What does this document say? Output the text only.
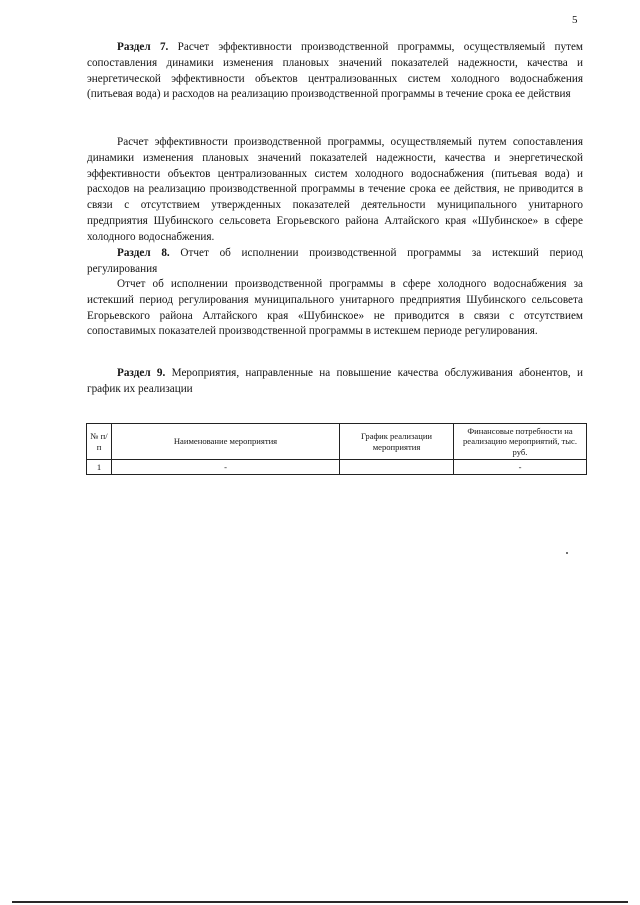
5

Раздел 7. Расчет эффективности производственной программы, осуществляемый путем сопоставления динамики изменения плановых значений показателей надежности, качества и энергетической эффективности объектов централизованных систем холодного водоснабжения (питьевая вода) и расходов на реализацию производственной программы в течение срока ее действия

Расчет эффективности производственной программы, осуществляемый путем сопоставления динамики изменения плановых значений показателей надежности, качества и энергетической эффективности объектов централизованных систем холодного водоснабжения (питьевая вода) и расходов на реализацию производственной программы в течение срока ее действия, не приводится в связи с отсутствием утвержденных показателей деятельности муниципального унитарного предприятия Шубинского сельсовета Егорьевского района Алтайского края «Шубинское» в сфере холодного водоснабжения.

Раздел 8. Отчет об исполнении производственной программы за истекший период регулирования

Отчет об исполнении производственной программы в сфере холодного водоснабжения за истекший период регулирования муниципального унитарного предприятия Шубинского сельсовета Егорьевского района Алтайского края «Шубинское» не приводится в связи с отсутствием сопоставимых показателей производственной программы в истекшем периоде регулирования.

Раздел 9. Мероприятия, направленные на повышение качества обслуживания абонентов, и график их реализации

№ п/п	Наименование мероприятия	График реализации мероприятия	Финансовые потребности на реализацию мероприятий, тыс. руб.
1	-		-
